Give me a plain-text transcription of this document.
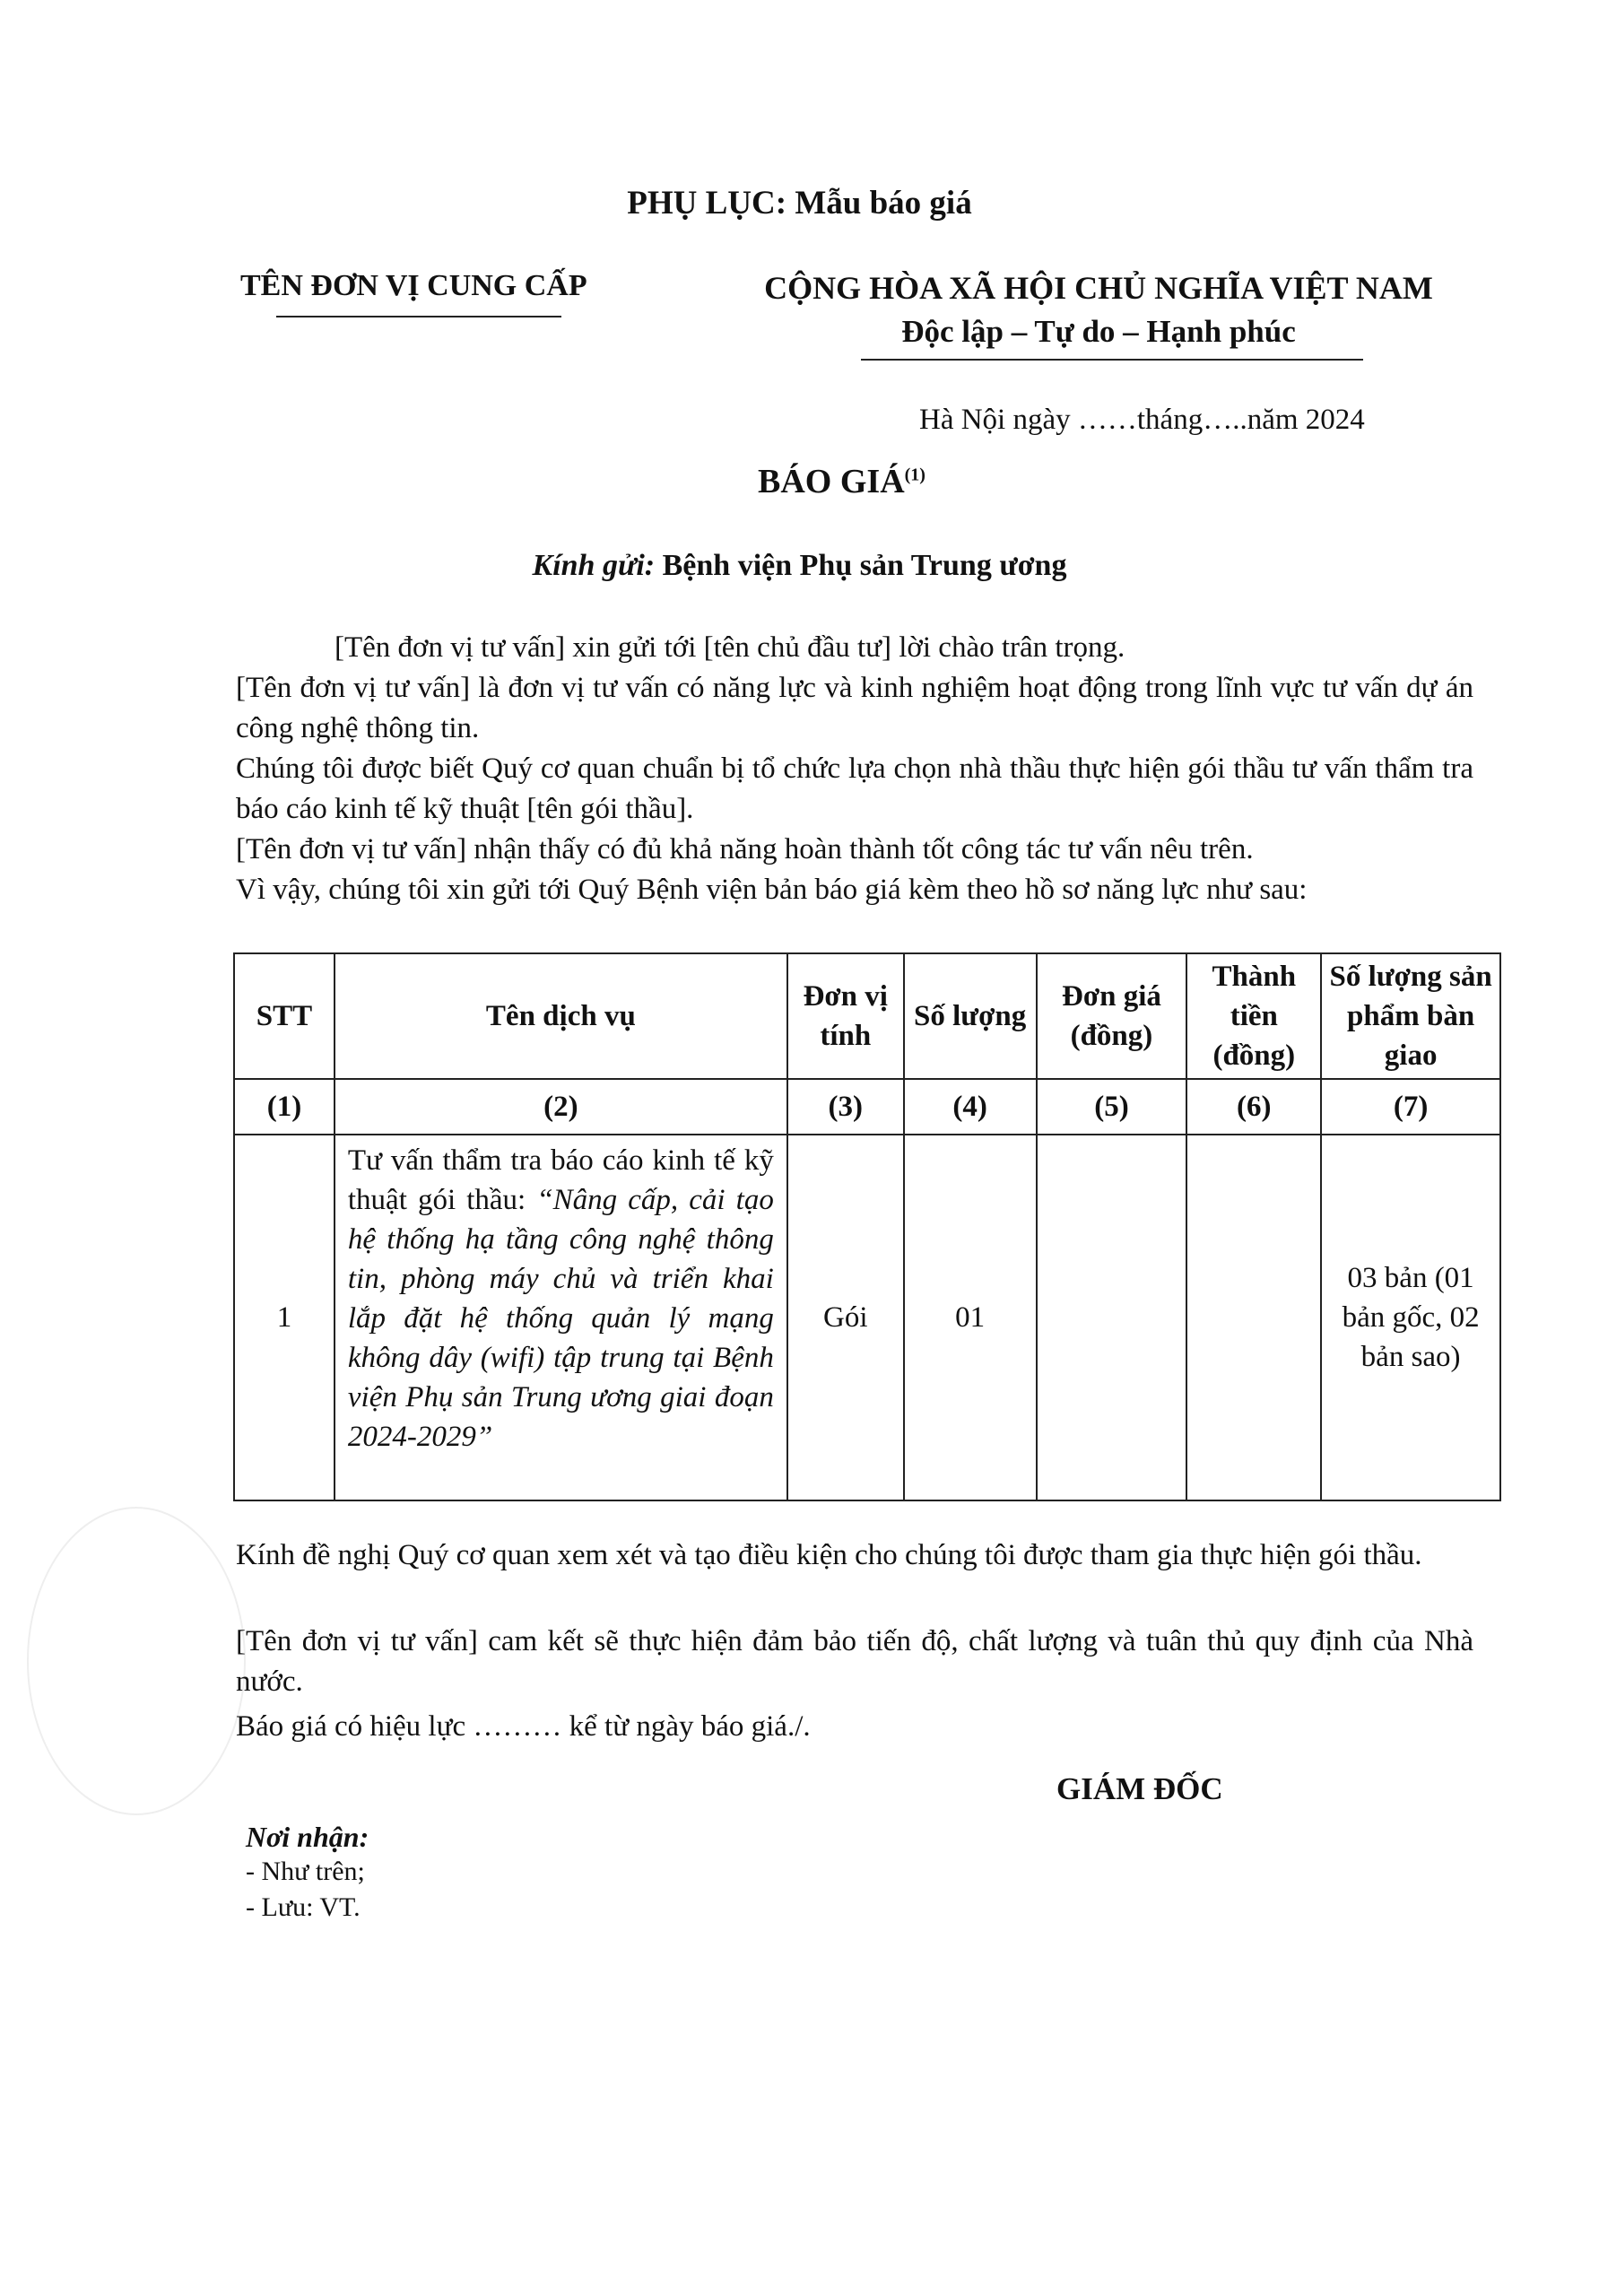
PHỤ LỤC: Mẫu báo giá
TÊN ĐƠN VỊ CUNG CẤP	CỘNG HÒA XÃ HỘI CHỦ NGHĨA VIỆT NAM
Độc lập – Tự do – Hạnh phúc
Hà Nội ngày ……tháng…..năm 2024
BÁO GIÁ$^{(1)}$
Kính gửi: Bệnh viện Phụ sản Trung ương
[Tên đơn vị tư vấn] xin gửi tới [tên chủ đầu tư] lời chào trân trọng.
[Tên đơn vị tư vấn] là đơn vị tư vấn có năng lực và kinh nghiệm hoạt động trong lĩnh vực tư vấn dự án công nghệ thông tin.
Chúng tôi được biết Quý cơ quan chuẩn bị tổ chức lựa chọn nhà thầu thực hiện gói thầu tư vấn thẩm tra báo cáo kinh tế kỹ thuật [tên gói thầu].
[Tên đơn vị tư vấn] nhận thấy có đủ khả năng hoàn thành tốt công tác tư vấn nêu trên.
Vì vậy, chúng tôi xin gửi tới Quý Bệnh viện bản báo giá kèm theo hồ sơ năng lực như sau:
STT	Tên dịch vụ	Đơn vị tính	Số lượng	Đơn giá (đồng)	Thành tiền (đồng)	Số lượng sản phẩm bàn giao
(1)	(2)	(3)	(4)	(5)	(6)	(7)
1	Tư vấn thẩm tra báo cáo kinh tế kỹ thuật gói thầu: “Nâng cấp, cải tạo hệ thống hạ tầng công nghệ thông tin, phòng máy chủ và triển khai lắp đặt hệ thống quản lý mạng không dây (wifi) tập trung tại Bệnh viện Phụ sản Trung ương giai đoạn 2024-2029”	Gói	01			03 bản (01 bản gốc, 02 bản sao)
Kính đề nghị Quý cơ quan xem xét và tạo điều kiện cho chúng tôi được tham gia thực hiện gói thầu.
[Tên đơn vị tư vấn] cam kết sẽ thực hiện đảm bảo tiến độ, chất lượng và tuân thủ quy định của Nhà nước.
Báo giá có hiệu lực ……… kể từ ngày báo giá./.
GIÁM ĐỐC
Nơi nhận:
- Như trên;
- Lưu: VT.
